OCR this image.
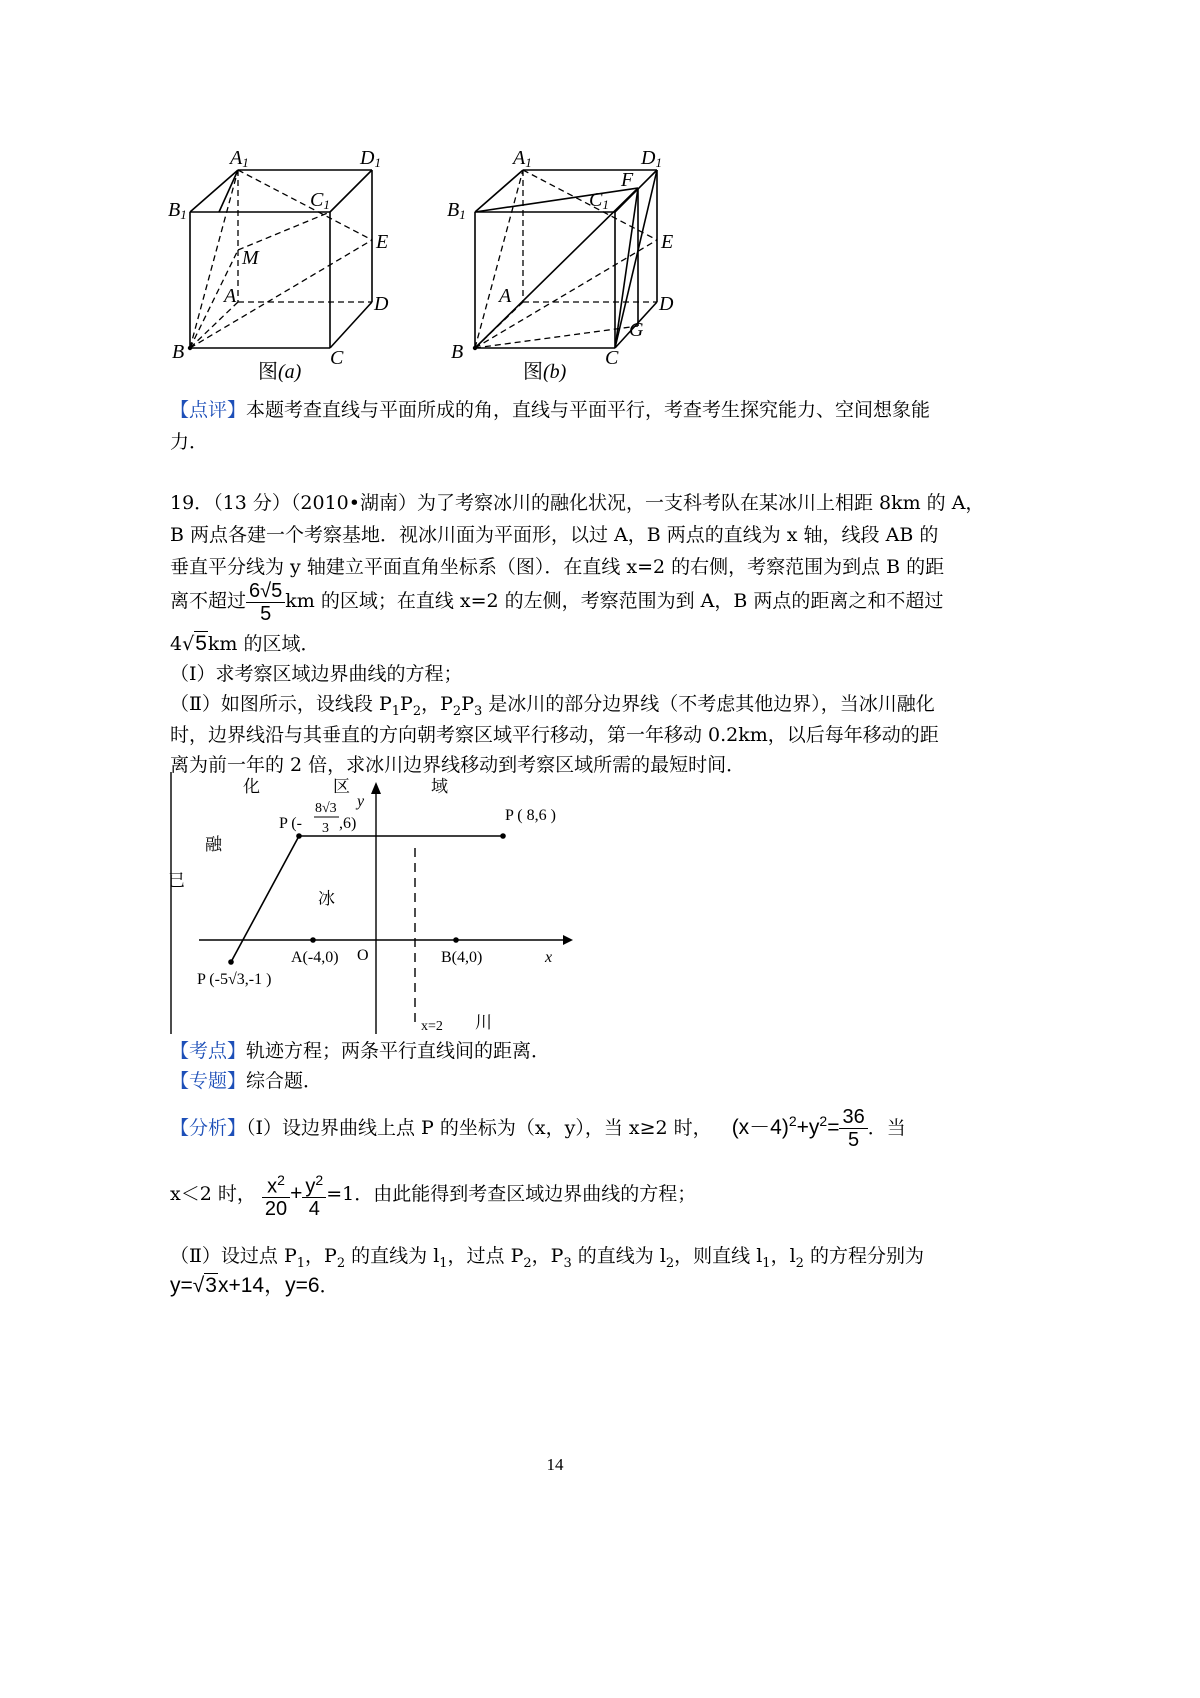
A1	D1
B1
C1
E
M
A	D
B	C
图(a)
A1	D1
F
B1
C1
E
A	D
G
B	C
图(b)
【点评】本题考查直线与平面所成的角，直线与平面平行，考查考生探究能力、空间想象能
力．
19．（13 分）（2010•湖南）为了考察冰川的融化状况，一支科考队在某冰川上相距 8km 的 A，
B 两点各建一个考察基地．视冰川面为平面形，以过 A，B 两点的直线为 x 轴，线段 AB 的
垂直平分线为 y 轴建立平面直角坐标系（图）．在直线 x=2 的右侧，考察范围为到点 B 的距
离不超过 $\frac{6√5}{5}$ km 的区域；在直线 x=2 的左侧，考察范围为到 A，B 两点的距离之和不超过
4√5km 的区域．
（Ⅰ）求考察区域边界曲线的方程；
（Ⅱ）如图所示，设线段 $P_1P_2$，$P_2P_3$ 是冰川的部分边界线（不考虑其他边界），当冰川融化
时，边界线沿与其垂直的方向朝考察区域平行移动，第一年移动 0.2km，以后每年移动的距
离为前一年的 2 倍，求冰川边界线移动到考察区域所需的最短时间．
化	区	域
融
已
冰
川
y
x
P (-
8√3
3 ,6)	P ( 8,6 )
P (-5√3,-1 )
A(-4,0) O	B(4,0)
x=2
【考点】轨迹方程；两条平行直线间的距离．
【专题】综合题．
【分析】（Ⅰ）设边界曲线上点 P 的坐标为（x，y），当 x≥2 时， $(x-4)^2+y^2= \frac{36}{5}$ ．当
x＜2 时， $\frac{x^2}{20} + \frac{y^2}{4} =1$．由此能得到考查区域边界曲线的方程；
（Ⅱ）设过点 $P_1$，$P_2$ 的直线为 $l_1$，过点 $P_2$，$P_3$ 的直线为 $l_2$，则直线 $l_1$，$l_2$ 的方程分别为
y=√3x+14，y=6．
14
